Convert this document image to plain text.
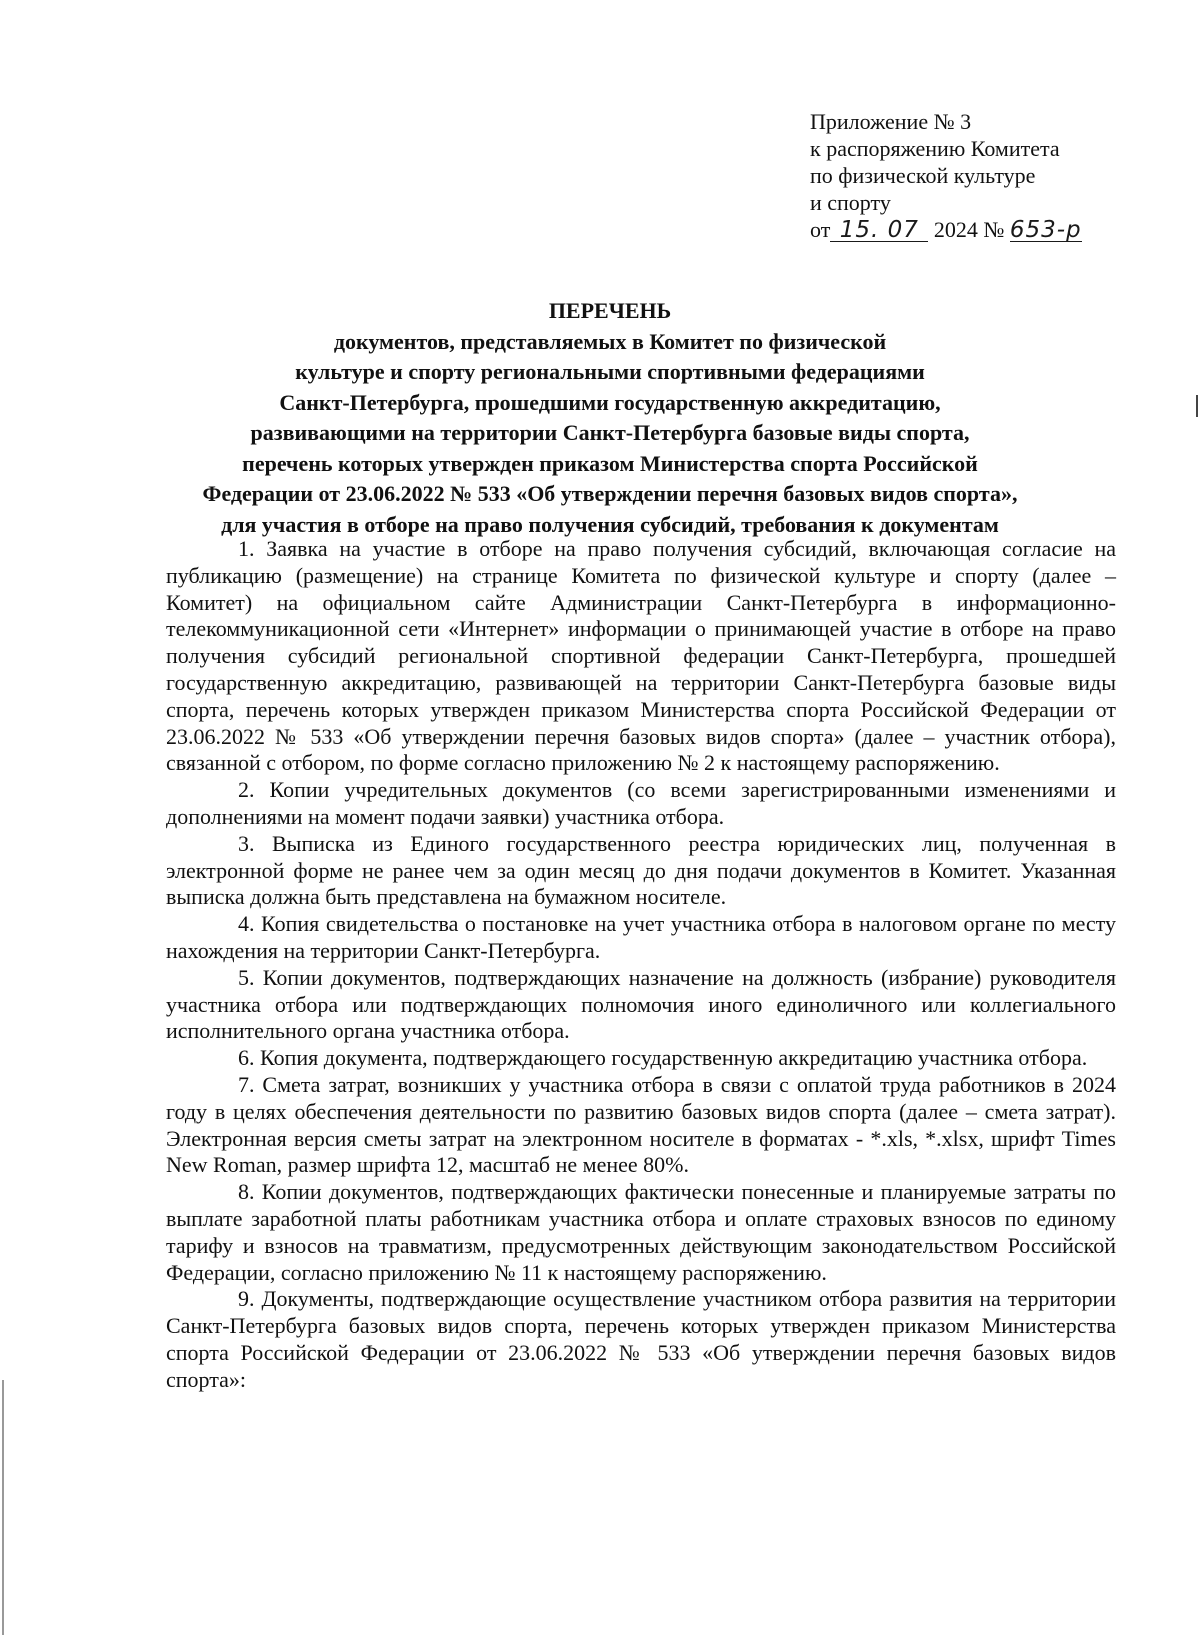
Приложение № 3
к распоряжению Комитета
по физической культуре
и спорту
от 15. 07 2024 № 653-р
ПЕРЕЧЕНЬ
документов, представляемых в Комитет по физической
культуре и спорту региональными спортивными федерациями
Санкт-Петербурга, прошедшими государственную аккредитацию,
развивающими на территории Санкт-Петербурга базовые виды спорта,
перечень которых утвержден приказом Министерства спорта Российской
Федерации от 23.06.2022 № 533 «Об утверждении перечня базовых видов спорта»,
для участия в отборе на право получения субсидий, требования к документам

1. Заявка на участие в отборе на право получения субсидий, включающая согласие на публикацию (размещение) на странице Комитета по физической культуре и спорту (далее – Комитет) на официальном сайте Администрации Санкт-Петербурга в информационно-телекоммуникационной сети «Интернет» информации о принимающей участие в отборе на право получения субсидий региональной спортивной федерации Санкт-Петербурга, прошедшей государственную аккредитацию, развивающей на территории Санкт-Петербурга базовые виды спорта, перечень которых утвержден приказом Министерства спорта Российской Федерации от 23.06.2022 № 533 «Об утверждении перечня базовых видов спорта» (далее – участник отбора), связанной с отбором, по форме согласно приложению № 2 к настоящему распоряжению.

2. Копии учредительных документов (со всеми зарегистрированными изменениями и дополнениями на момент подачи заявки) участника отбора.

3. Выписка из Единого государственного реестра юридических лиц, полученная в электронной форме не ранее чем за один месяц до дня подачи документов в Комитет. Указанная выписка должна быть представлена на бумажном носителе.

4. Копия свидетельства о постановке на учет участника отбора в налоговом органе по месту нахождения на территории Санкт-Петербурга.

5. Копии документов, подтверждающих назначение на должность (избрание) руководителя участника отбора или подтверждающих полномочия иного единоличного или коллегиального исполнительного органа участника отбора.

6. Копия документа, подтверждающего государственную аккредитацию участника отбора.

7. Смета затрат, возникших у участника отбора в связи с оплатой труда работников в 2024 году в целях обеспечения деятельности по развитию базовых видов спорта (далее – смета затрат). Электронная версия сметы затрат на электронном носителе в форматах - *.xls, *.xlsx, шрифт Times New Roman, размер шрифта 12, масштаб не менее 80%.

8. Копии документов, подтверждающих фактически понесенные и планируемые затраты по выплате заработной платы работникам участника отбора и оплате страховых взносов по единому тарифу и взносов на травматизм, предусмотренных действующим законодательством Российской Федерации, согласно приложению № 11 к настоящему распоряжению.

9. Документы, подтверждающие осуществление участником отбора развития на территории Санкт-Петербурга базовых видов спорта, перечень которых утвержден приказом Министерства спорта Российской Федерации от 23.06.2022 № 533 «Об утверждении перечня базовых видов спорта»:
